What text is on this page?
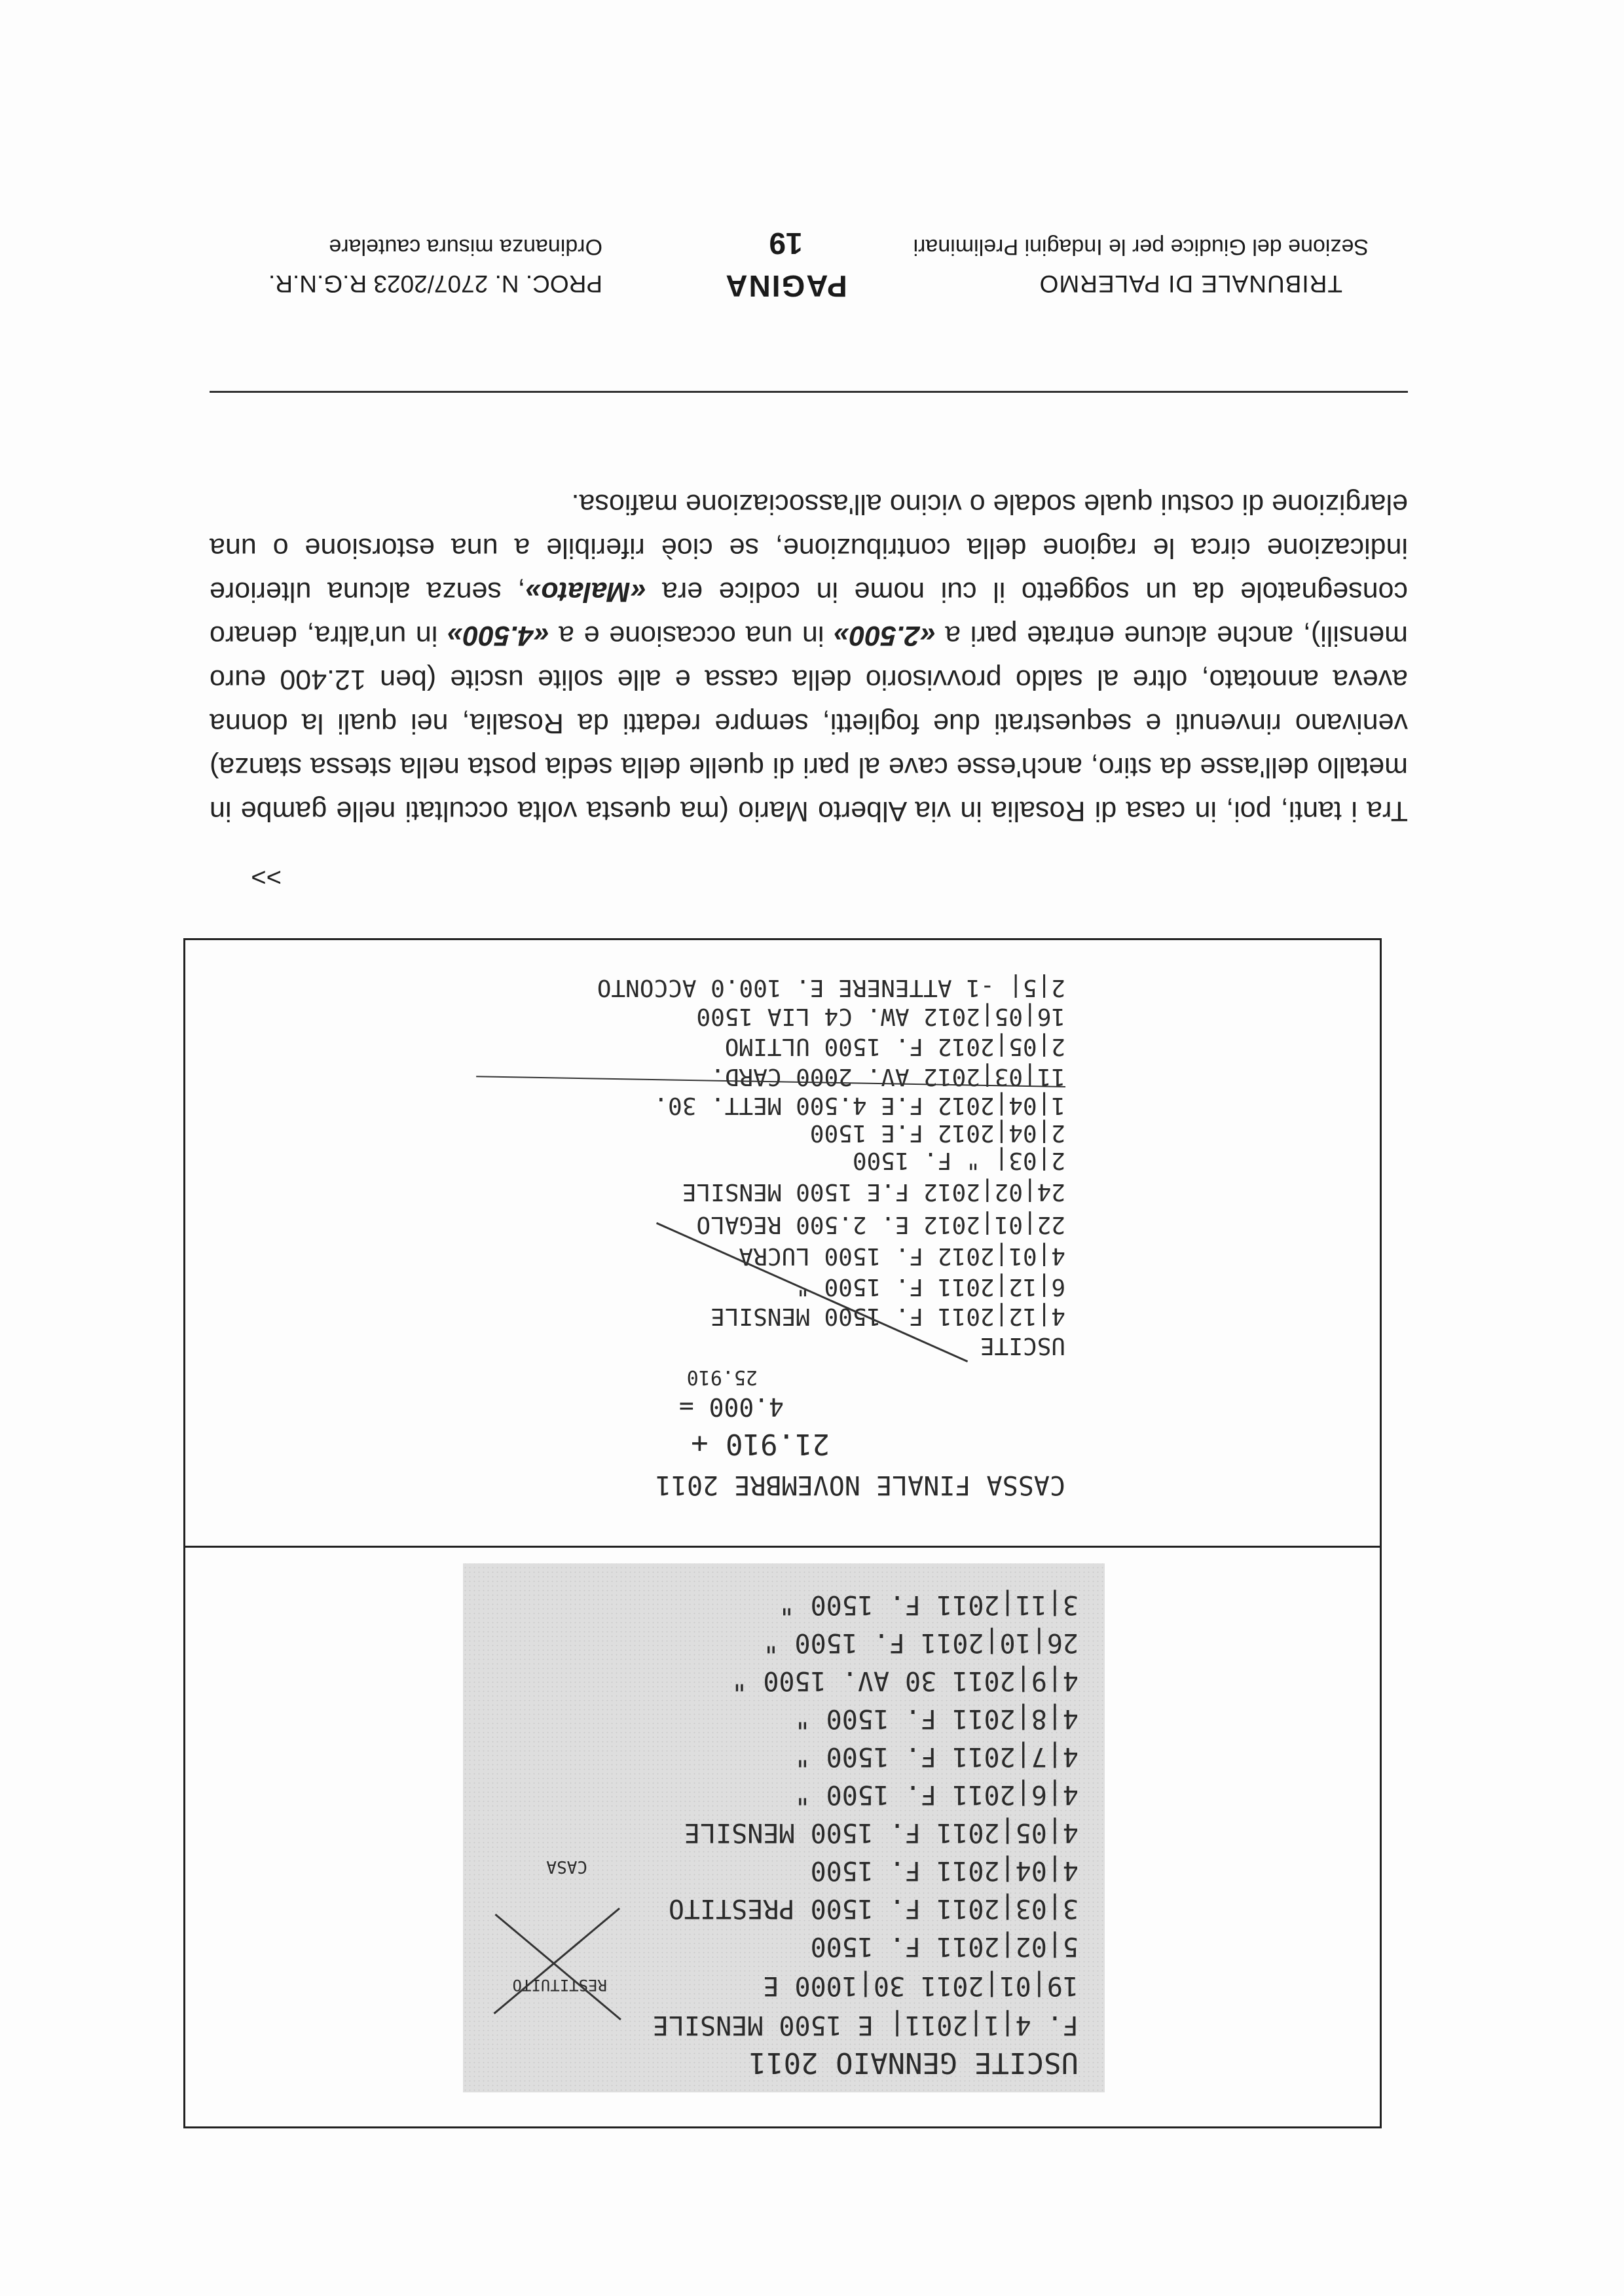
TRIBUNALE DI PALERMO
Sezione del Giudice per le Indagini Preliminari
PAGINA
19
PROC. N. 2707/2023 R.G.N.R.
Ordinanza misura cautelare
Tra i tanti, poi, in casa di Rosalia in via Alberto Mario (ma questa volta occultati nelle gambe in metallo dell'asse da stiro, anch'esse cave al pari di quelle della sedia posta nella stessa stanza) venivano rinvenuti e sequestrati due foglietti, sempre redatti da Rosalia, nei quali la donna aveva annotato, oltre al saldo provvisorio della cassa e alle solite uscite (ben 12.400 euro mensili), anche alcune entrate pari a «2.500» in una occasione e a «4.500» in un'altra, denaro consegnatole da un soggetto il cui nome in codice era «Malato», senza alcuna ulteriore indicazione circa le ragione della contribuzione, se cioè riferibile a una estorsione o una elargizione di costui quale sodale o vicino all'associazione mafiosa.
>>
USCITE GENNAIO 2011
F. 4|1|2011| E 1500 MENSILE
19|01|2011 30|1000 E
5|02|2011 F. 1500
3|03|2011 F. 1500 PRESTITO
4|04|2011 F. 1500
4|05|2011 F. 1500 MENSILE
4|6|2011 F. 1500 "
4|7|2011 F. 1500 "
4|8|2011 F. 1500 "
4|9|2011 30 AV. 1500 "
26|10|2011 F. 1500 "
3|11|2011 F. 1500 "
RESTITUITO
CASA
CASSA FINALE NOVEMBRE 2011
21.910 +
4.000 =
25.910
USCITE
4|12|2011 F. 1500 MENSILE
6|12|2011 F. 1500 "
4|01|2012 F. 1500 LUCRA
22|01|2012 E. 2.500 REGALO
24|02|2012 F.E 1500 MENSILE
2|03| " F. 1500
2|04|2012 F.E 1500
1|04|2012 F.E 4.500 METT. 30.
11|03|2012 AV. 2000 CARD.
2|05|2012 F. 1500 ULTIMO
16|05|2012 AW. C4 LIA 1500
2|5| -1 ATTENERE E. 100.0 ACCONTO
